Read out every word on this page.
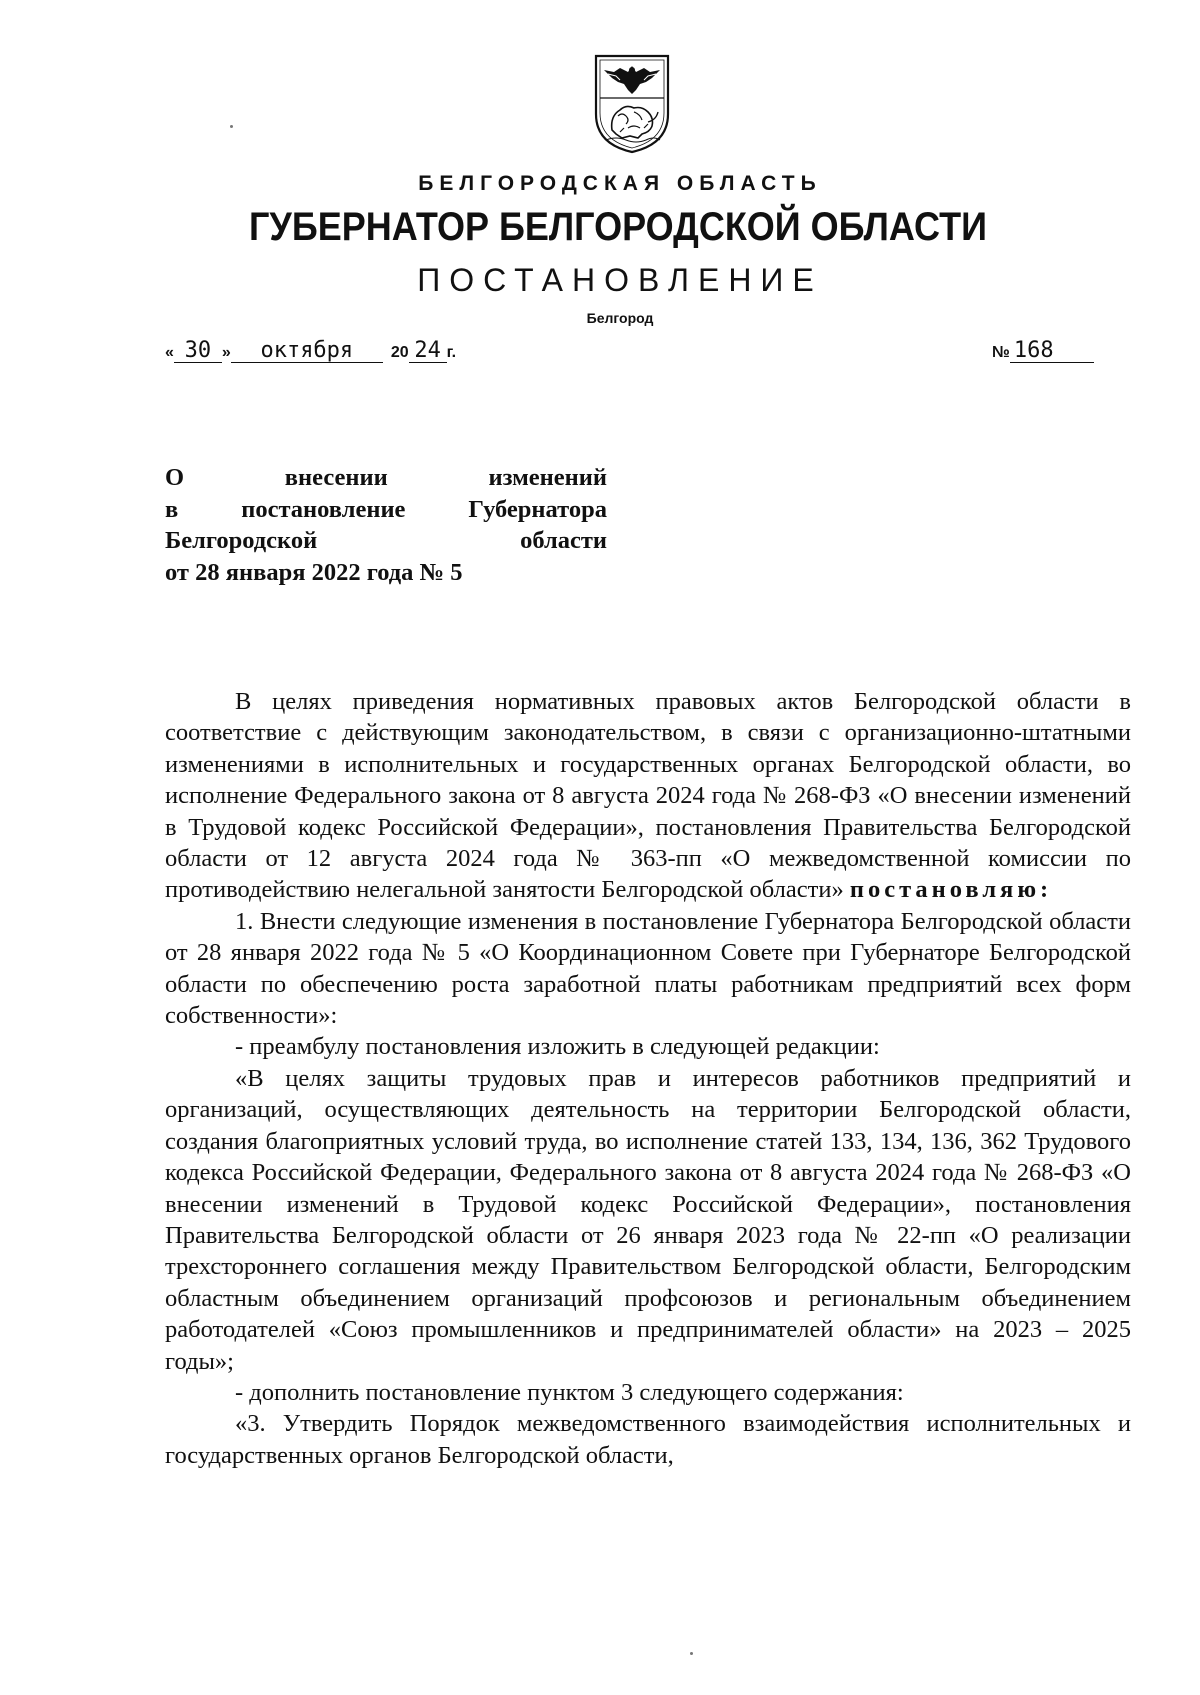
БЕЛГОРОДСКАЯ ОБЛАСТЬ
ГУБЕРНАТОР БЕЛГОРОДСКОЙ ОБЛАСТИ
ПОСТАНОВЛЕНИЕ
Белгород
« 30 » октября 20 24 г.	№ 168
О внесении изменений
в постановление Губернатора
Белгородской области
от 28 января 2022 года № 5

В целях приведения нормативных правовых актов Белгородской области в соответствие с действующим законодательством, в связи с организационно-штатными изменениями в исполнительных и государственных органах Белгородской области, во исполнение Федерального закона от 8 августа 2024 года № 268-ФЗ «О внесении изменений в Трудовой кодекс Российской Федерации», постановления Правительства Белгородской области от 12 августа 2024 года № 363-пп «О межведомственной комиссии по противодействию нелегальной занятости Белгородской области» постановляю:

1. Внести следующие изменения в постановление Губернатора Белгородской области от 28 января 2022 года № 5 «О Координационном Совете при Губернаторе Белгородской области по обеспечению роста заработной платы работникам предприятий всех форм собственности»:

- преамбулу постановления изложить в следующей редакции:

«В целях защиты трудовых прав и интересов работников предприятий и организаций, осуществляющих деятельность на территории Белгородской области, создания благоприятных условий труда, во исполнение статей 133, 134, 136, 362 Трудового кодекса Российской Федерации, Федерального закона от 8 августа 2024 года № 268-ФЗ «О внесении изменений в Трудовой кодекс Российской Федерации», постановления Правительства Белгородской области от 26 января 2023 года № 22-пп «О реализации трехстороннего соглашения между Правительством Белгородской области, Белгородским областным объединением организаций профсоюзов и региональным объединением работодателей «Союз промышленников и предпринимателей области» на 2023 – 2025 годы»;

- дополнить постановление пунктом 3 следующего содержания:

«3. Утвердить Порядок межведомственного взаимодействия исполнительных и государственных органов Белгородской области,
